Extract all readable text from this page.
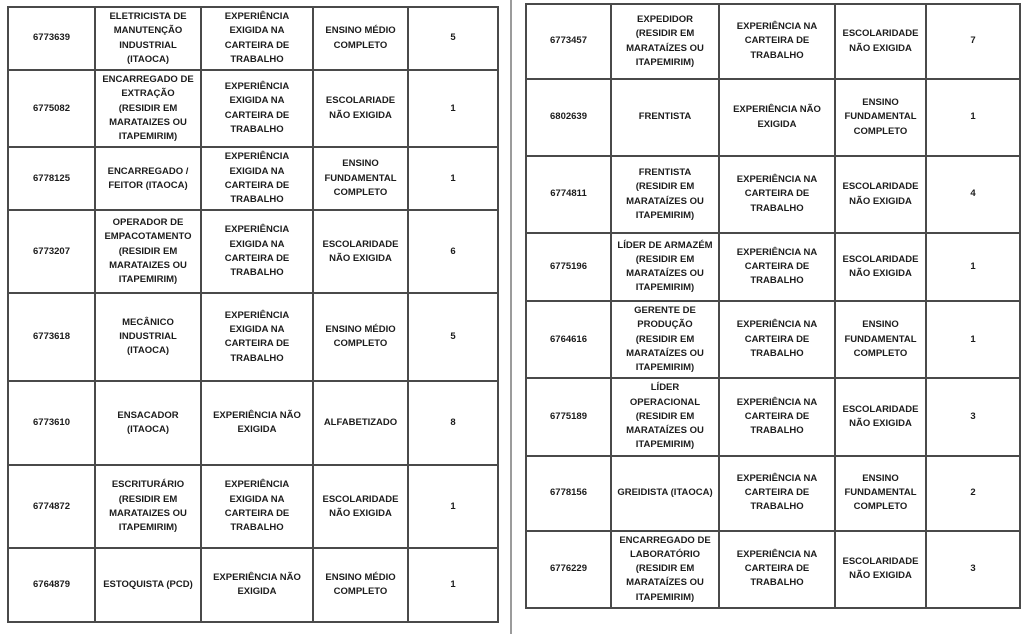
6773639	ELETRICISTA DE MANUTENÇÃO INDUSTRIAL (ITAOCA)	EXPERIÊNCIA EXIGIDA NA CARTEIRA DE TRABALHO	ENSINO MÉDIO COMPLETO	5
6775082	ENCARREGADO DE EXTRAÇÃO (RESIDIR EM MARATAIZES OU ITAPEMIRIM)	EXPERIÊNCIA EXIGIDA NA CARTEIRA DE TRABALHO	ESCOLARIADE NÃO EXIGIDA	1
6778125	ENCARREGADO / FEITOR (ITAOCA)	EXPERIÊNCIA EXIGIDA NA CARTEIRA DE TRABALHO	ENSINO FUNDAMENTAL COMPLETO	1
6773207	OPERADOR DE EMPACOTAMENTO (RESIDIR EM MARATAIZES OU ITAPEMIRIM)	EXPERIÊNCIA EXIGIDA NA CARTEIRA DE TRABALHO	ESCOLARIDADE NÃO EXIGIDA	6
6773618	MECÂNICO INDUSTRIAL (ITAOCA)	EXPERIÊNCIA EXIGIDA NA CARTEIRA DE TRABALHO	ENSINO MÉDIO COMPLETO	5
6773610	ENSACADOR (ITAOCA)	EXPERIÊNCIA NÃO EXIGIDA	ALFABETIZADO	8
6774872	ESCRITURÁRIO (RESIDIR EM MARATAIZES OU ITAPEMIRIM)	EXPERIÊNCIA EXIGIDA NA CARTEIRA DE TRABALHO	ESCOLARIDADE NÃO EXIGIDA	1
6764879	ESTOQUISTA (PCD)	EXPERIÊNCIA NÃO EXIGIDA	ENSINO MÉDIO COMPLETO	1
6773457	EXPEDIDOR (RESIDIR EM MARATAÍZES OU ITAPEMIRIM)	EXPERIÊNCIA NA CARTEIRA DE TRABALHO	ESCOLARIDADE NÃO EXIGIDA	7
6802639	FRENTISTA	EXPERIÊNCIA NÃO EXIGIDA	ENSINO FUNDAMENTAL COMPLETO	1
6774811	FRENTISTA (RESIDIR EM MARATAÍZES OU ITAPEMIRIM)	EXPERIÊNCIA NA CARTEIRA DE TRABALHO	ESCOLARIDADE NÃO EXIGIDA	4
6775196	LÍDER DE ARMAZÉM (RESIDIR EM MARATAÍZES OU ITAPEMIRIM)	EXPERIÊNCIA NA CARTEIRA DE TRABALHO	ESCOLARIDADE NÃO EXIGIDA	1
6764616	GERENTE DE PRODUÇÃO (RESIDIR EM MARATAÍZES OU ITAPEMIRIM)	EXPERIÊNCIA NA CARTEIRA DE TRABALHO	ENSINO FUNDAMENTAL COMPLETO	1
6775189	LÍDER OPERACIONAL (RESIDIR EM MARATAÍZES OU ITAPEMIRIM)	EXPERIÊNCIA NA CARTEIRA DE TRABALHO	ESCOLARIDADE NÃO EXIGIDA	3
6778156	GREIDISTA (ITAOCA)	EXPERIÊNCIA NA CARTEIRA DE TRABALHO	ENSINO FUNDAMENTAL COMPLETO	2
6776229	ENCARREGADO DE LABORATÓRIO (RESIDIR EM MARATAÍZES OU ITAPEMIRIM)	EXPERIÊNCIA NA CARTEIRA DE TRABALHO	ESCOLARIDADE NÃO EXIGIDA	3
